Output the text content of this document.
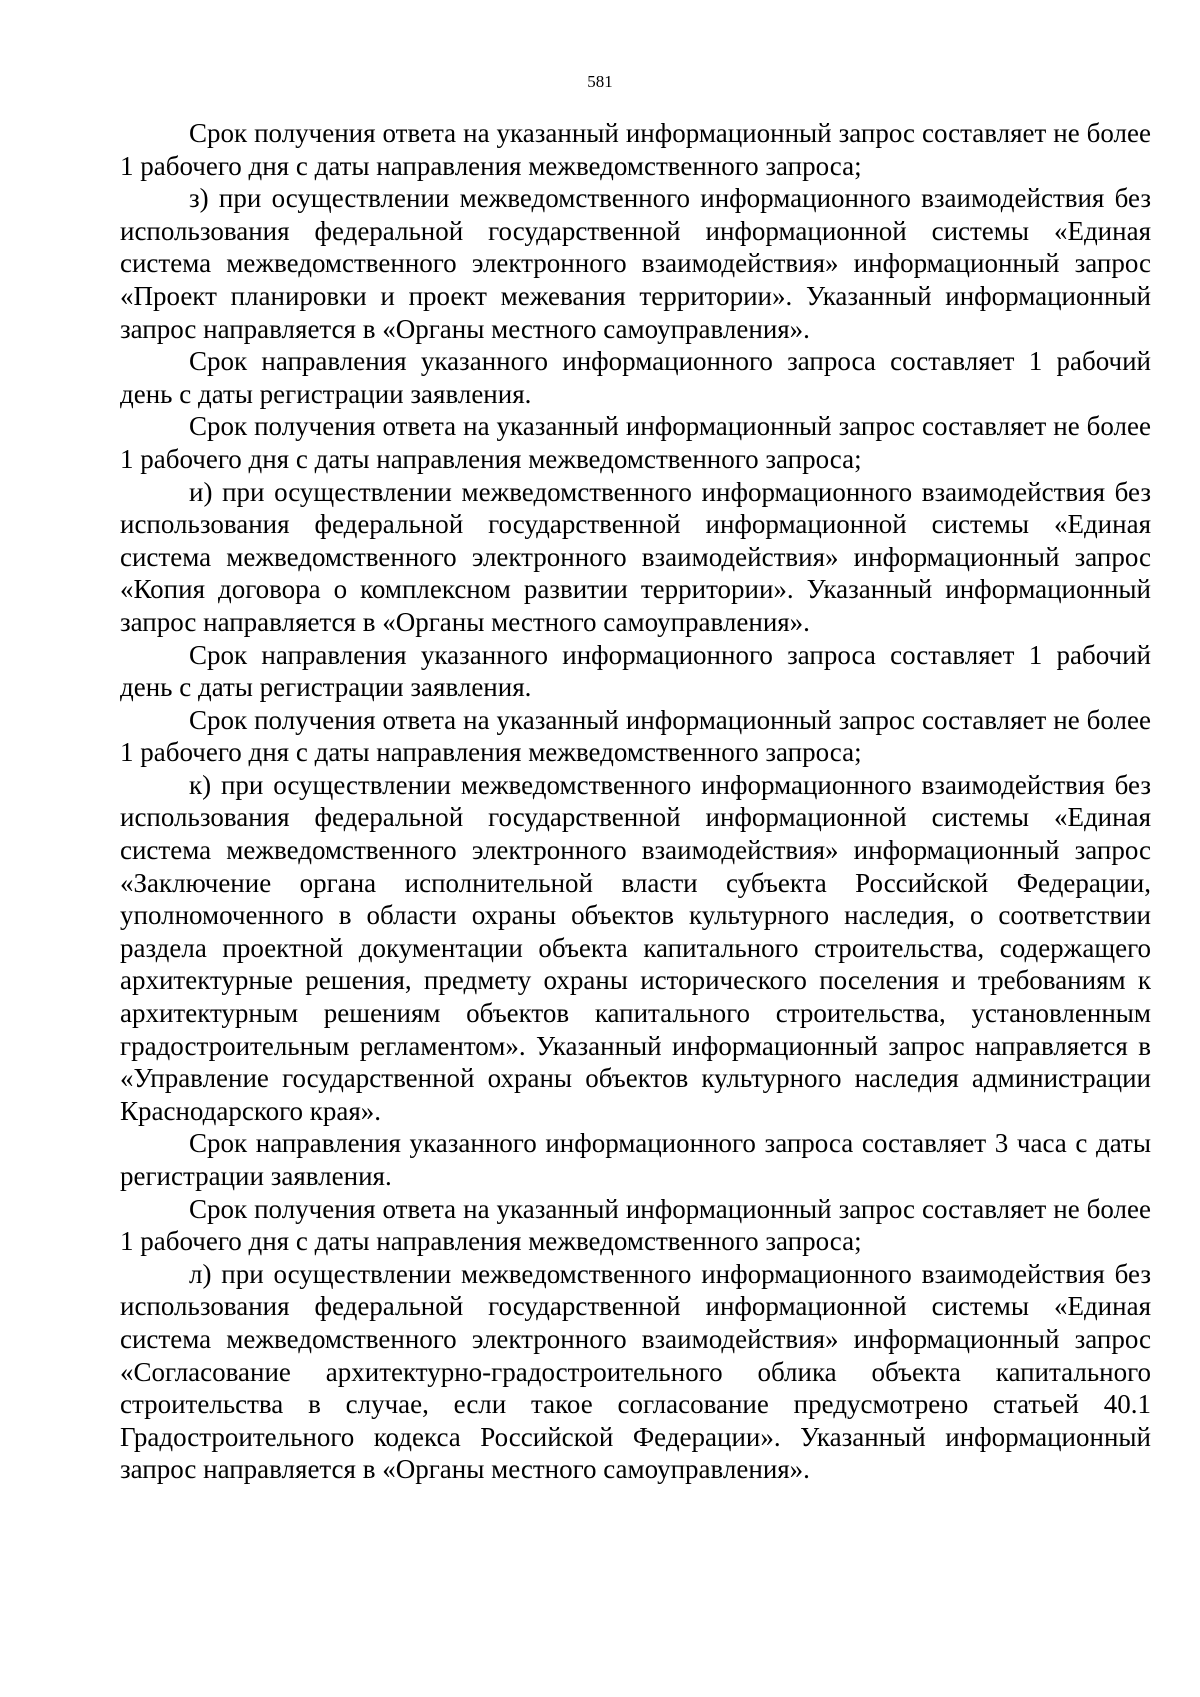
581

Срок получения ответа на указанный информационный запрос составляет не более 1 рабочего дня с даты направления межведомственного запроса;

з) при осуществлении межведомственного информационного взаимодействия без использования федеральной государственной информационной системы «Единая система межведомственного электронного взаимодействия» информационный запрос «Проект планировки и проект межевания территории». Указанный информационный запрос направляется в «Органы местного самоуправления».

Срок направления указанного информационного запроса составляет 1 рабочий день с даты регистрации заявления.

Срок получения ответа на указанный информационный запрос составляет не более 1 рабочего дня с даты направления межведомственного запроса;

и) при осуществлении межведомственного информационного взаимодействия без использования федеральной государственной информационной системы «Единая система межведомственного электронного взаимодействия» информационный запрос «Копия договора о комплексном развитии территории». Указанный информационный запрос направляется в «Органы местного самоуправления».

Срок направления указанного информационного запроса составляет 1 рабочий день с даты регистрации заявления.

Срок получения ответа на указанный информационный запрос составляет не более 1 рабочего дня с даты направления межведомственного запроса;

к) при осуществлении межведомственного информационного взаимодействия без использования федеральной государственной информационной системы «Единая система межведомственного электронного взаимодействия» информационный запрос «Заключение органа исполнительной власти субъекта Российской Федерации, уполномоченного в области охраны объектов культурного наследия, о соответствии раздела проектной документации объекта капитального строительства, содержащего архитектурные решения, предмету охраны исторического поселения и требованиям к архитектурным решениям объектов капитального строительства, установленным градостроительным регламентом». Указанный информационный запрос направляется в «Управление государственной охраны объектов культурного наследия администрации Краснодарского края».

Срок направления указанного информационного запроса составляет 3 часа с даты регистрации заявления.

Срок получения ответа на указанный информационный запрос составляет не более 1 рабочего дня с даты направления межведомственного запроса;

л) при осуществлении межведомственного информационного взаимодействия без использования федеральной государственной информационной системы «Единая система межведомственного электронного взаимодействия» информационный запрос «Согласование архитектурно-градостроительного облика объекта капитального строительства в случае, если такое согласование предусмотрено статьей 40.1 Градостроительного кодекса Российской Федерации». Указанный информационный запрос направляется в «Органы местного самоуправления».
